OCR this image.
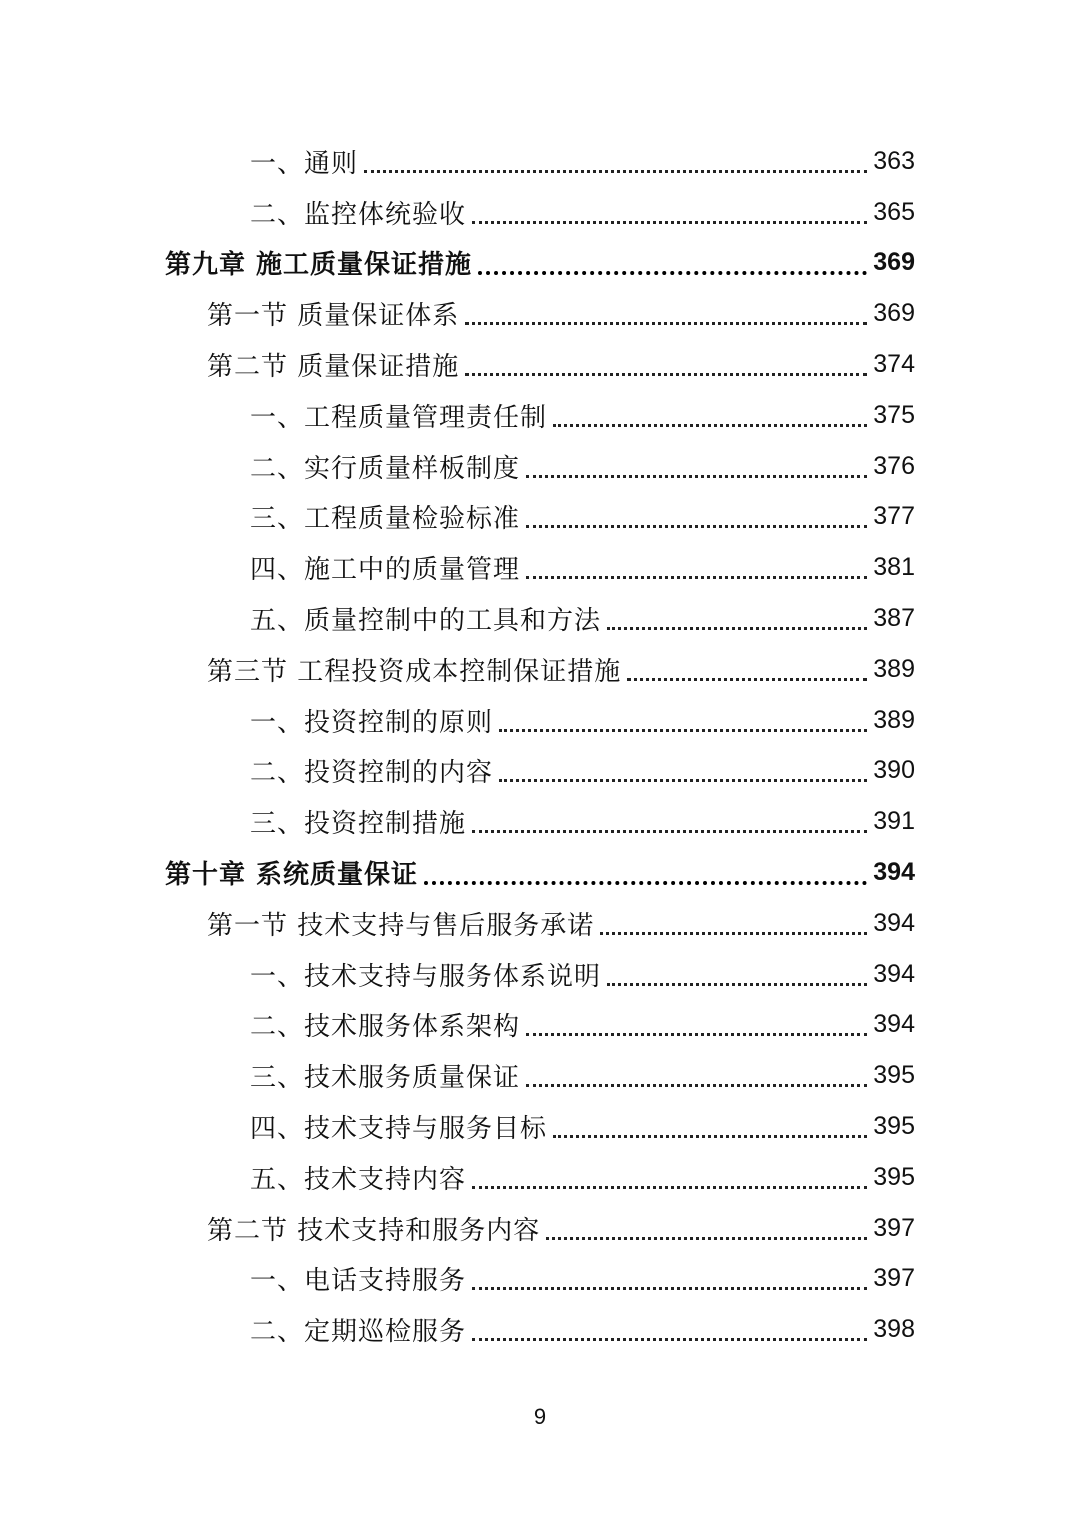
一、通则	363
二、监控体统验收	365
第九章 施工质量保证措施	369
第一节 质量保证体系	369
第二节 质量保证措施	374
一、工程质量管理责任制	375
二、实行质量样板制度	376
三、工程质量检验标准	377
四、施工中的质量管理	381
五、质量控制中的工具和方法	387
第三节 工程投资成本控制保证措施	389
一、投资控制的原则	389
二、投资控制的内容	390
三、投资控制措施	391
第十章 系统质量保证	394
第一节 技术支持与售后服务承诺	394
一、技术支持与服务体系说明	394
二、技术服务体系架构	394
三、技术服务质量保证	395
四、技术支持与服务目标	395
五、技术支持内容	395
第二节 技术支持和服务内容	397
一、电话支持服务	397
二、定期巡检服务	398
9
